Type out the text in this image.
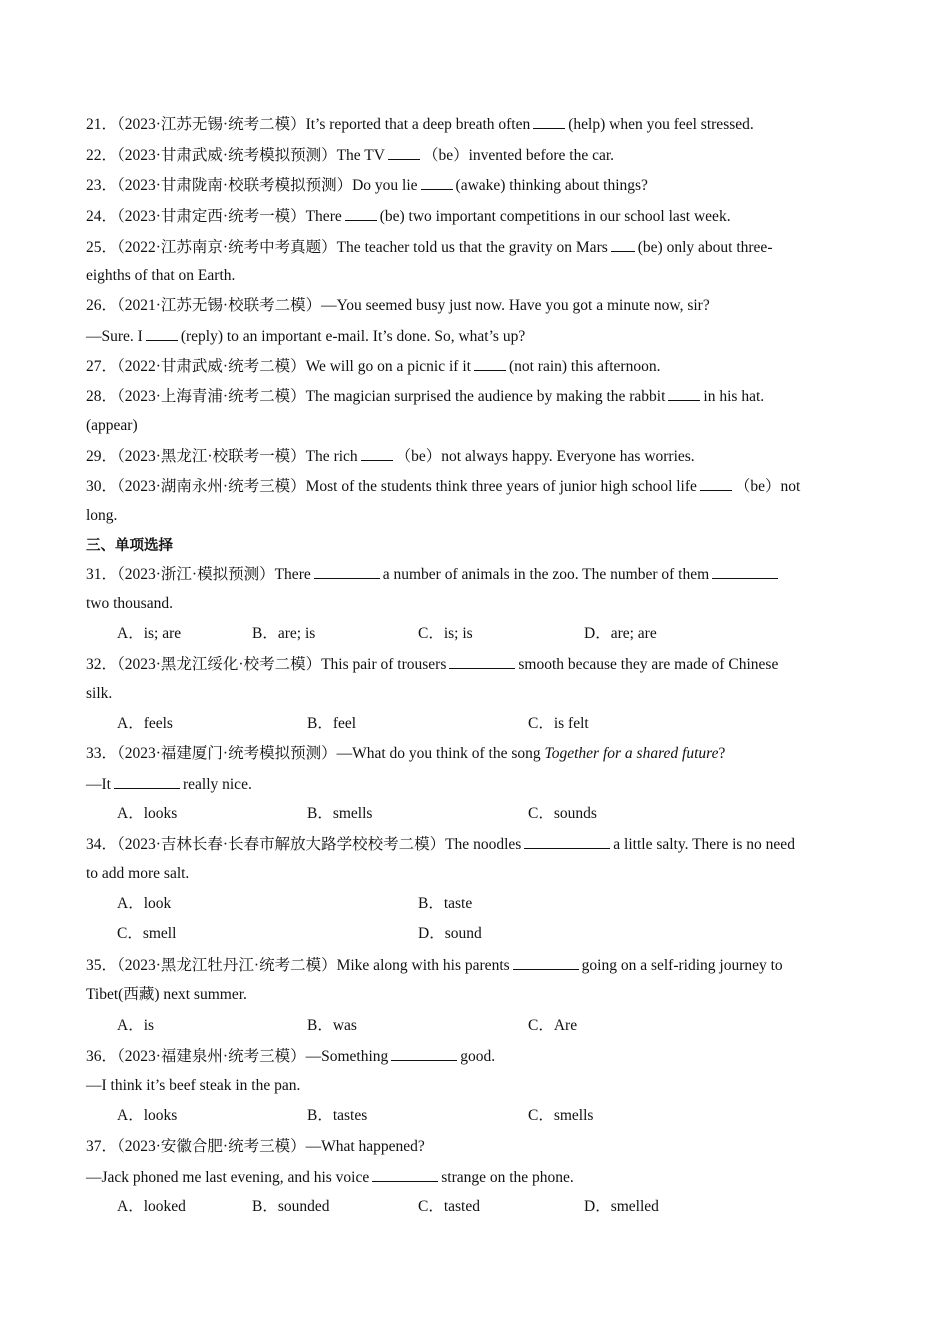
21．（2023·江苏无锡·统考二模）It’s reported that a deep breath often (help) when you feel stressed.
22．（2023·甘肃武威·统考模拟预测）The TV （be）invented before the car.
23．（2023·甘肃陇南·校联考模拟预测）Do you lie (awake) thinking about things?
24．（2023·甘肃定西·统考一模）There (be) two important competitions in our school last week.
25．（2022·江苏南京·统考中考真题）The teacher told us that the gravity on Mars (be) only about three-
eighths of that on Earth.
26．（2021·江苏无锡·校联考二模）—You seemed busy just now. Have you got a minute now, sir?
—Sure. I (reply) to an important e-mail. It’s done. So, what’s up?
27．（2022·甘肃武威·统考二模）We will go on a picnic if it (not rain) this afternoon.
28．（2023·上海青浦·统考二模）The magician surprised the audience by making the rabbit in his hat.
(appear)
29．（2023·黑龙江·校联考一模）The rich （be）not always happy. Everyone has worries.
30．（2023·湖南永州·统考三模）Most of the students think three years of junior high school life （be）not
long.
三、单项选择
31．（2023·浙江·模拟预测）There	a number of animals in the zoo. The number of them
two thousand.
A．is; are	B．are; is	C．is; is	D．are; are
32．（2023·黑龙江绥化·校考二模）This pair of trousers	smooth because they are made of Chinese
silk.
A．feels	B．feel	C．is felt
33．（2023·福建厦门·统考模拟预测）—What do you think of the song Together for a shared future?
—It	really nice.
A．looks	B．smells	C．sounds
34．（2023·吉林长春·长春市解放大路学校校考二模）The noodles	a little salty. There is no need
to add more salt.
A．look	B．taste
C．smell	D．sound
35．（2023·黑龙江牡丹江·统考二模）Mike along with his parents	going on a self-riding journey to
Tibet(西藏) next summer.
A．is	B．was	C．Are
36．（2023·福建泉州·统考三模）—Something	good.
—I think it’s beef steak in the pan.
A．looks	B．tastes	C．smells
37．（2023·安徽合肥·统考三模）—What happened?
—Jack phoned me last evening, and his voice	strange on the phone.
A．looked	B．sounded	C．tasted	D．smelled
